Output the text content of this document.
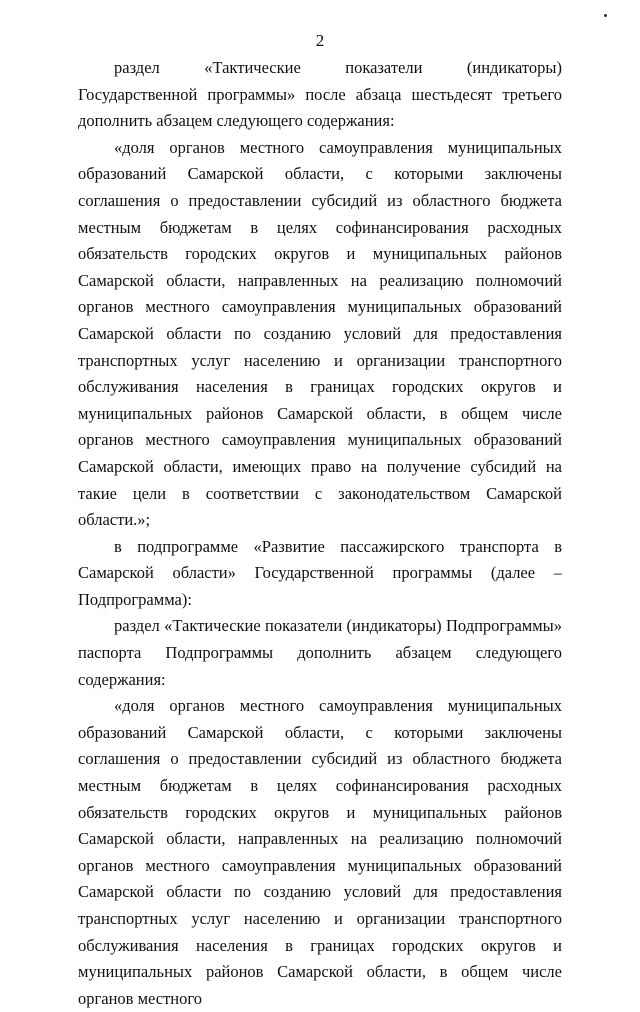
2

раздел «Тактические показатели (индикаторы) Государственной программы» после абзаца шестьдесят третьего дополнить абзацем следующего содержания:

«доля органов местного самоуправления муниципальных образований Самарской области, с которыми заключены соглашения о предоставлении субсидий из областного бюджета местным бюджетам в целях софинансирования расходных обязательств городских округов и муниципальных районов Самарской области, направленных на реализацию полномочий органов местного самоуправления муниципальных образований Самарской области по созданию условий для предоставления транспортных услуг населению и организации транспортного обслуживания населения в границах городских округов и муниципальных районов Самарской области, в общем числе органов местного самоуправления муниципальных образований Самарской области, имеющих право на получение субсидий на такие цели в соответствии с законодательством Самарской области.»;

в подпрограмме «Развитие пассажирского транспорта в Самарской области» Государственной программы (далее – Подпрограмма):

раздел «Тактические показатели (индикаторы) Подпрограммы» паспорта Подпрограммы дополнить абзацем следующего содержания:

«доля органов местного самоуправления муниципальных образований Самарской области, с которыми заключены соглашения о предоставлении субсидий из областного бюджета местным бюджетам в целях софинансирования расходных обязательств городских округов и муниципальных районов Самарской области, направленных на реализацию полномочий органов местного самоуправления муниципальных образований Самарской области по созданию условий для предоставления транспортных услуг населению и организации транспортного обслуживания населения в границах городских округов и муниципальных районов Самарской области, в общем числе органов местного
